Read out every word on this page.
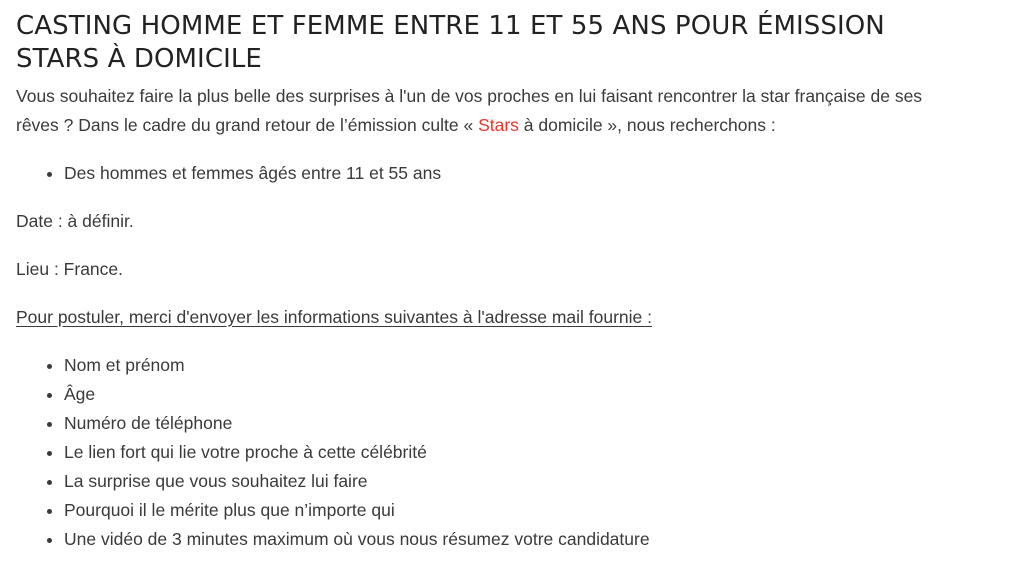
CASTING HOMME ET FEMME ENTRE 11 ET 55 ANS POUR ÉMISSION
STARS À DOMICILE

Vous souhaitez faire la plus belle des surprises à l'un de vos proches en lui faisant rencontrer la star française de ses
rêves ? Dans le cadre du grand retour de l’émission culte « Stars à domicile », nous recherchons :

• Des hommes et femmes âgés entre 11 et 55 ans

Date : à définir.

Lieu : France.

Pour postuler, merci d'envoyer les informations suivantes à l'adresse mail fournie :

• Nom et prénom
• Âge
• Numéro de téléphone
• Le lien fort qui lie votre proche à cette célébrité
• La surprise que vous souhaitez lui faire
• Pourquoi il le mérite plus que n’importe qui
• Une vidéo de 3 minutes maximum où vous nous résumez votre candidature
